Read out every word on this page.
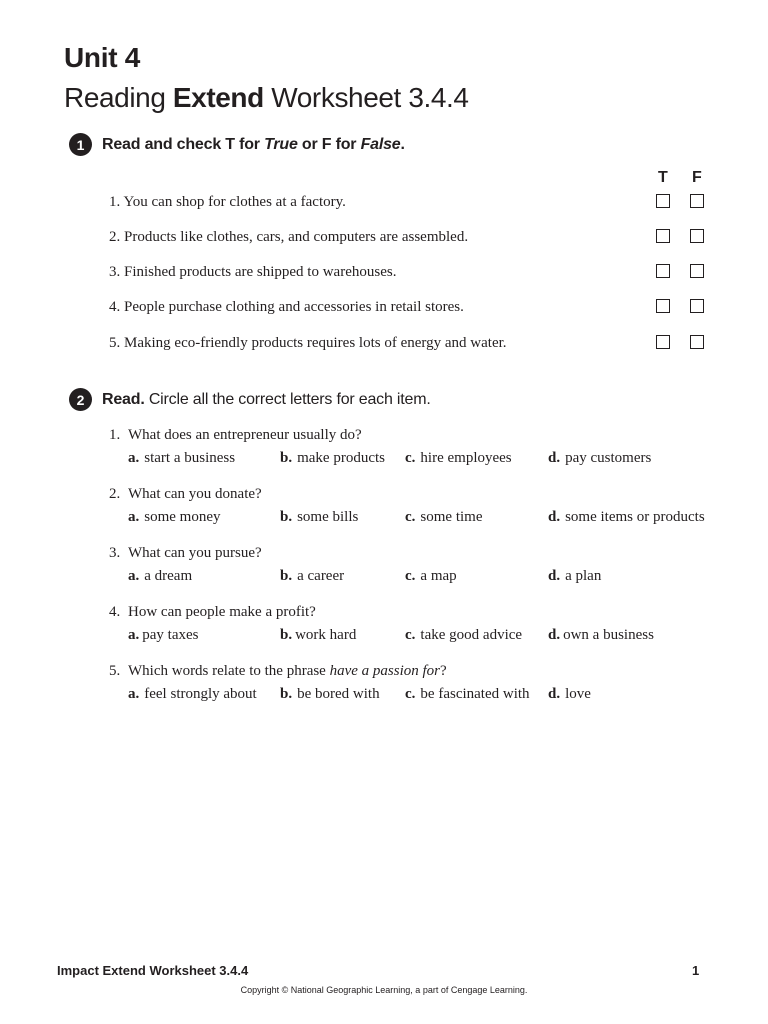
Unit 4
Reading Extend Worksheet 3.4.4
1	Read and check T for True or F for False.
T F
1. You can shop for clothes at a factory.
2. Products like clothes, cars, and computers are assembled.
3. Finished products are shipped to warehouses.
4. People purchase clothing and accessories in retail stores.
5. Making eco-friendly products requires lots of energy and water.
2	Read. Circle all the correct letters for each item.
1. What does an entrepreneur usually do?
a. start a business	b. make products c. hire employees d. pay customers
2. What can you donate?
a. some money	b. some bills	c. some time	d. some items or products
3. What can you pursue?
a. a dream	b. a career	c. a map	d. a plan
4. How can people make a profit?
a. pay taxes	b. work hard	c. take good advice d. own a business
5. Which words relate to the phrase have a passion for?
a. feel strongly about b. be bored with c. be fascinated with d. love
Impact Extend Worksheet 3.4.4	1
Copyright © National Geographic Learning, a part of Cengage Learning.
